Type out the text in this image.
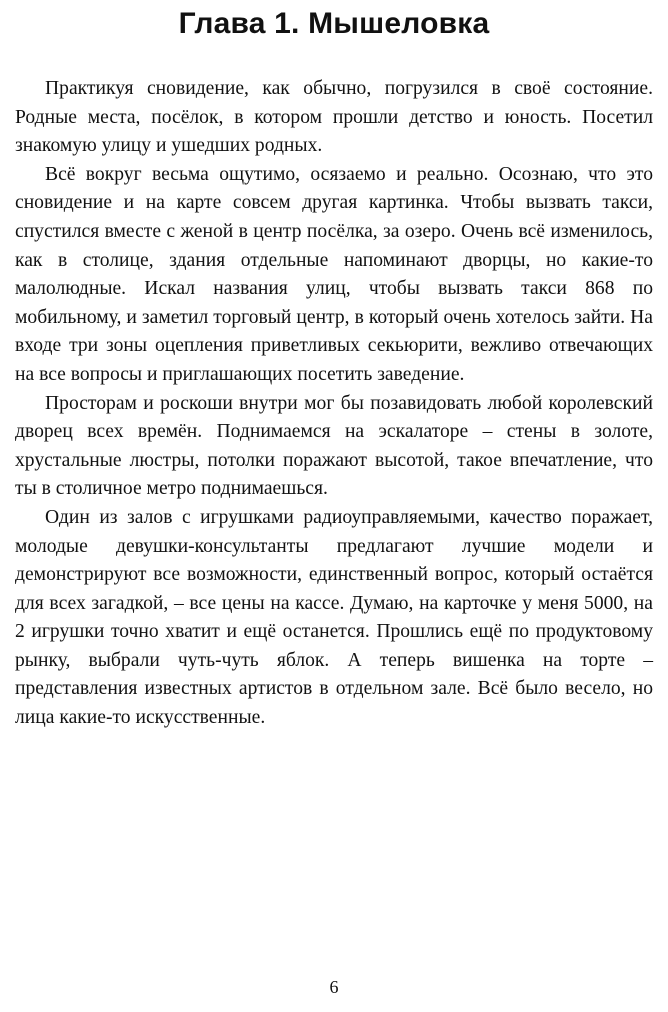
Глава 1. Мышеловка

Практикуя сновидение, как обычно, погрузился в своё состояние. Родные места, посёлок, в котором прошли детство и юность. Посетил знакомую улицу и ушедших родных.

Всё вокруг весьма ощутимо, осязаемо и реально. Осознаю, что это сновидение и на карте совсем другая картинка. Чтобы вызвать такси, спустился вместе с женой в центр посёлка, за озеро. Очень всё изменилось, как в столице, здания отдельные напоминают дворцы, но какие-то малолюдные. Искал названия улиц, чтобы вызвать такси 868 по мобильному, и заметил торговый центр, в который очень хотелось зайти. На входе три зоны оцепления приветливых секьюрити, вежливо отвечающих на все вопросы и приглашающих посетить заведение.

Просторам и роскоши внутри мог бы позавидовать любой королевский дворец всех времён. Поднимаемся на эскалаторе – стены в золоте, хрустальные люстры, потолки поражают высотой, такое впечатление, что ты в столичное метро поднимаешься.

Один из залов с игрушками радиоуправляемыми, качество поражает, молодые девушки-консультанты предлагают лучшие модели и демонстрируют все возможности, единственный вопрос, который остаётся для всех загадкой, – все цены на кассе. Думаю, на карточке у меня 5000, на 2 игрушки точно хватит и ещё останется. Прошлись ещё по продуктовому рынку, выбрали чуть-чуть яблок. А теперь вишенка на торте – представления известных артистов в отдельном зале. Всё было весело, но лица какие-то искусственные.

6
